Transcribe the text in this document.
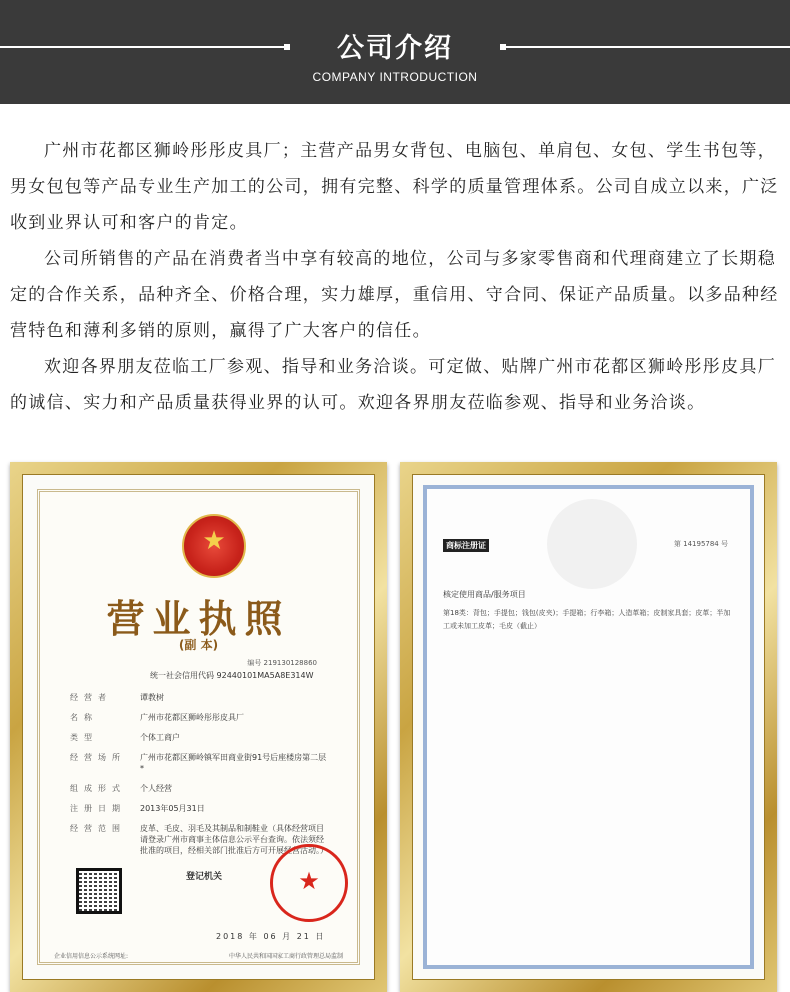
公司介绍
COMPANY INTRODUCTION

广州市花都区狮岭彤彤皮具厂；主营产品男女背包、电脑包、单肩包、女包、学生书包等，男女包包等产品专业生产加工的公司，拥有完整、科学的质量管理体系。公司自成立以来，广泛收到业界认可和客户的肯定。

公司所销售的产品在消费者当中享有较高的地位，公司与多家零售商和代理商建立了长期稳定的合作关系，品种齐全、价格合理，实力雄厚，重信用、守合同、保证产品质量。以多品种经营特色和薄利多销的原则，赢得了广大客户的信任。

欢迎各界朋友莅临工厂参观、指导和业务洽谈。可定做、贴牌广州市花都区狮岭彤彤皮具厂的诚信、实力和产品质量获得业界的认可。欢迎各界朋友莅临参观、指导和业务洽谈。

★
营业执照
(副 本)
编号 219130128860
统一社会信用代码 92440101MA5A8E314W
经营者	谭教树
名称	广州市花都区狮岭彤彤皮具厂
类型	个体工商户
经营场所	广州市花都区狮岭镇军田商业街91号后座楼房第二层*
组成形式	个人经营
注册日期	2013年05月31日
经营范围	皮革、毛皮、羽毛及其制品和制鞋业（具体经营项目请登录广州市商事主体信息公示平台查询。依法须经批准的项目，经相关部门批准后方可开展经营活动。）
登记机关	★
2018 年 06 月 21 日
企业信用信息公示系统网址:	中华人民共和国国家工商行政管理总局监制
商标注册证	第 14195784 号
核定使用商品/服务项目
第18类：背包；手提包；钱包(皮夹)；手提箱；行李箱；人造革箱；皮制家具套；皮革；半加工或未加工皮革；毛皮（截止）
